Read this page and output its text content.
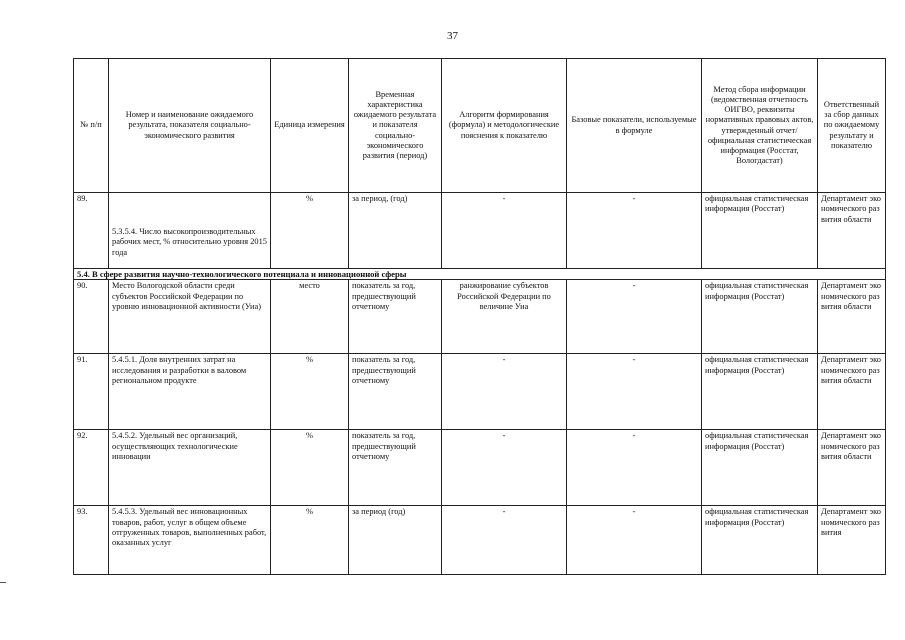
37
№ п/п	Номер и наименование ожидаемого результата, показателя социально-экономического развития	Единица измерения	Временная характеристика ожидаемого результата и показателя социально-экономического развития (период)	Алгоритм формирования (формула) и методологические пояснения к показателю	Базовые показатели, используемые в формуле	Метод сбора информации (ведомственная отчетность ОИГВО, реквизиты нормативных правовых актов, утвержденный отчет/официальная статистическая информация (Росстат, Вологдастат)	Ответственный за сбор данных по ожидаемому результату и показателю
89.	5.3.5.4. Число высокопроизводительных рабочих мест, % относительно уровня 2015 года	%	за период, (год)	-	-	официальная статистическая информация (Росстат)	Департамент экономического развития области
5.4. В сфере развития научно-технологического потенциала и инновационной сферы							
90.	Место Вологодской области среди субъектов Российской Федерации по уровню инновационной активности (Уиа)	место	показатель за год, предшествующий отчетному	ранжирование субъектов Российской Федерации по величине Уиа	-	официальная статистическая информация (Росстат)	Департамент экономического развития области
91.	5.4.5.1. Доля внутренних затрат на исследования и разработки в валовом региональном продукте	%	показатель за год, предшествующий отчетному	-	-	официальная статистическая информация (Росстат)	Департамент экономического развития области
92.	5.4.5.2. Удельный вес организаций, осуществляющих технологические инновации	%	показатель за год, предшествующий отчетному	-	-	официальная статистическая информация (Росстат)	Департамент экономического развития области
93.	5.4.5.3. Удельный вес инновационных товаров, работ, услуг в общем объеме отгруженных товаров, выполненных работ, оказанных услуг	%	за период (год)	-	-	официальная статистическая информация (Росстат)	Департамент экономического развития
